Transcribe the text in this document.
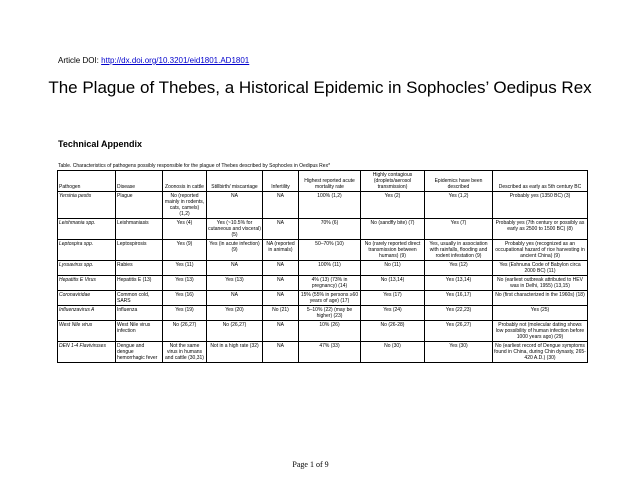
Article DOI: http://dx.doi.org/10.3201/eid1801.AD1801
The Plague of Thebes, a Historical Epidemic in Sophocles’ Oedipus Rex
Technical Appendix
Table. Characteristics of pathogens possibly responsible for the plague of Thebes described by Sophocles in Oedipus Rex*
Pathogen	Disease	Zoonosis in cattle	Stillbirth/ miscarriage	Infertility	Highest reported acute mortality rate	Highly contagious (droplets/aerosol transmission)	Epidemics have been described	Described as early as 5th century BC
Yersinia pestis	Plague	No (reported mainly in rodents, cats, camels) (1,2)	NA	NA	100% (1,2)	Yes (2)	Yes (1,2)	Probably yes (1350 BC) (3)
Leishmania spp.	Leishmaniasis	Yes (4)	Yes (~10.5% for cutaneous and visceral) (5)	NA	70% (6)	No (sandfly bite) (7)	Yes (7)	Probably yes (7th century or possibly as early as 2500 to 1500 BC) (8)
Leptospira spp.	Leptospirosis	Yes (9)	Yes (in acute infection) (9)	NA (reported in animals)	50–70% (10)	No (rarely reported direct transmission between humans) (9)	Yes, usually in association with rainfalls, flooding and rodent infestation (9)	Probably yes (recognized as an occupational hazard of rice harvesting in ancient China) (9)
Lyssavirus spp.	Rabies	Yes (11)	NA	NA	100% (11)	No (11)	Yes (12)	Yes (Eshnuna Code of Babylon circa 2000 BC) (11)
Hepatitis E Virus	Hepatitis E (13)	Yes (13)	Yes (13)	NA	4% (13) (73% in pregnancy) (14)	No (13,14)	Yes (13,14)	No (earliest outbreak attributed to HEV was in Delhi, 1955) (13,15)
Coronaviridae	Common cold, SARS	Yes (16)	NA	NA	15% (55% in persons ≥60 years of age) (17)	Yes (17)	Yes (16,17)	No (first characterized in the 1960s) (18)
Influenzavirus A	Influenza	Yes (19)	Yes (20)	No (21)	5–10% (22) (may be higher) (23)	Yes (24)	Yes (22,23)	Yes (25)
West Nile virus	West Nile virus infection	No (26,27)	No (26,27)	NA	10% (26)	No (26-28)	Yes (26,27)	Probably not (molecular dating shows low possibility of human infection before 1000 years ago) (29)
DEN 1-4 Flaviviruses	Dengue and dengue hemorrhagic fever	Not the same virus in humans and cattle (30,31)	Not in a high rate (32)	NA	47% (33)	No (30)	Yes (30)	No (earliest record of Dengue symptoms found in China, during Chin dynasty, 265-420 A.D.) (30)
Page 1 of 9
